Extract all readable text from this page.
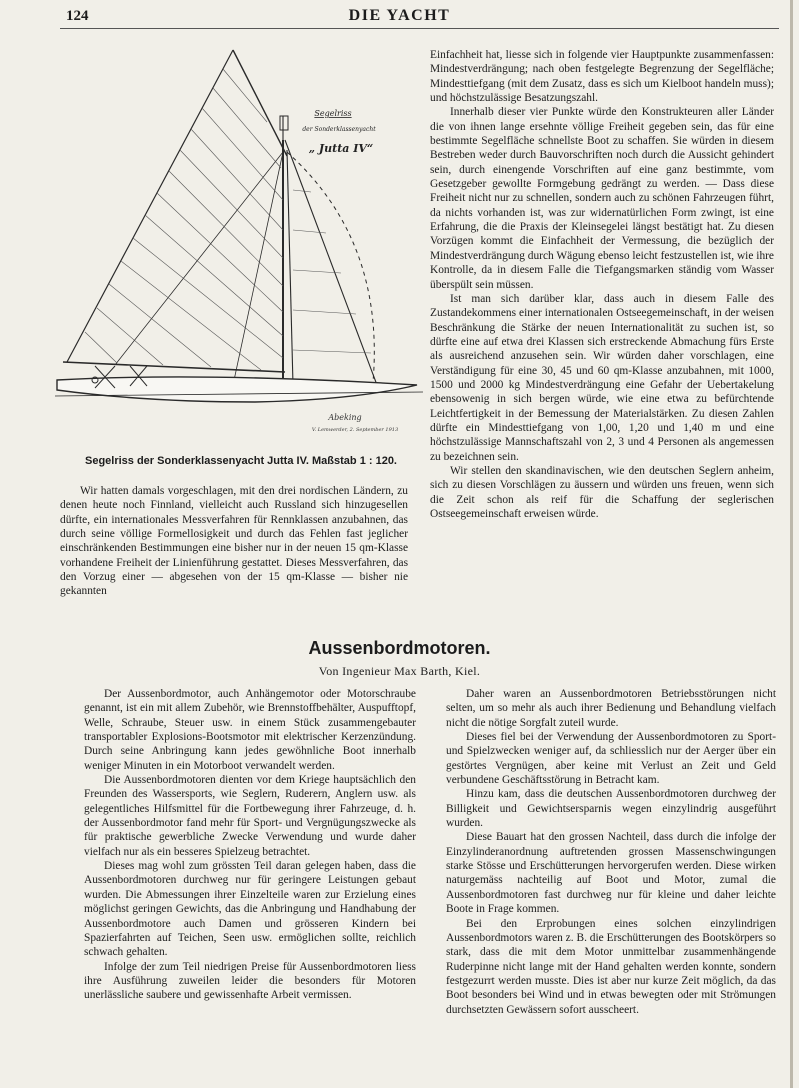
124	DIE YACHT
Segelriss
der Sonderklassenyacht
„ Jutta IV“
Abeking
V. Lemwerder, 2. September 1913
Segelriss der Sonderklassenyacht Jutta IV. Maßstab 1 : 120.

Wir hatten damals vorgeschlagen, mit den drei nordischen Ländern, zu denen heute noch Finnland, vielleicht auch Russland sich hinzugesellen dürfte, ein internationales Messverfahren für Rennklassen anzubahnen, das durch seine völlige Formellosigkeit und durch das Fehlen fast jeglicher einschränkenden Bestimmungen eine bisher nur in der neuen 15 qm-Klasse vorhandene Freiheit der Linienführung gestattet. Dieses Messverfahren, das den Vorzug einer — abgesehen von der 15 qm-Klasse — bisher nie gekannten

Einfachheit hat, liesse sich in folgende vier Hauptpunkte zusammenfassen: Mindestverdrängung; nach oben festgelegte Begrenzung der Segelfläche; Mindesttiefgang (mit dem Zusatz, dass es sich um Kielboot handeln muss); und höchstzulässige Besatzungszahl.

Innerhalb dieser vier Punkte würde den Konstrukteuren aller Länder die von ihnen lange ersehnte völlige Freiheit gegeben sein, das für eine bestimmte Segelfläche schnellste Boot zu schaffen. Sie würden in diesem Bestreben weder durch Bauvorschriften noch durch die Aussicht gehindert sein, durch einengende Vorschriften auf eine ganz bestimmte, vom Gesetzgeber gewollte Formgebung gedrängt zu werden. — Dass diese Freiheit nicht nur zu schnellen, sondern auch zu schönen Fahrzeugen führt, da nichts vorhanden ist, was zur widernatürlichen Form zwingt, ist eine Erfahrung, die die Praxis der Kleinsegelei längst bestätigt hat. Zu diesen Vorzügen kommt die Einfachheit der Vermessung, die bezüglich der Mindestverdrängung durch Wägung ebenso leicht festzustellen ist, wie ihre Kontrolle, da in diesem Falle die Tiefgangsmarken ständig vom Wasser überspült sein müssen.

Ist man sich darüber klar, dass auch in diesem Falle des Zustandekommens einer internationalen Ostseegemeinschaft, in der weisen Beschränkung die Stärke der neuen Internationalität zu suchen ist, so dürfte eine auf etwa drei Klassen sich erstreckende Abmachung fürs Erste als ausreichend anzusehen sein. Wir würden daher vorschlagen, eine Verständigung für eine 30, 45 und 60 qm-Klasse anzubahnen, mit 1000, 1500 und 2000 kg Mindestverdrängung eine Gefahr der Uebertakelung ebensowenig in sich bergen würde, wie eine etwa zu befürchtende Leichtfertigkeit in der Bemessung der Materialstärken. Zu diesen Zahlen dürfte ein Mindesttiefgang von 1,00, 1,20 und 1,40 m und eine höchstzulässige Mannschaftszahl von 2, 3 und 4 Personen als angemessen zu bezeichnen sein.

Wir stellen den skandinavischen, wie den deutschen Seglern anheim, sich zu diesen Vorschlägen zu äussern und würden uns freuen, wenn sich die Zeit schon als reif für die Schaffung der seglerischen Ostseegemeinschaft erweisen würde.

Aussenbordmotoren.
Von Ingenieur Max Barth, Kiel.

Der Aussenbordmotor, auch Anhängemotor oder Motorschraube genannt, ist ein mit allem Zubehör, wie Brennstoffbehälter, Auspufftopf, Welle, Schraube, Steuer usw. in einem Stück zusammengebauter transportabler Explosions-Bootsmotor mit elektrischer Kerzenzündung. Durch seine Anbringung kann jedes gewöhnliche Boot innerhalb weniger Minuten in ein Motorboot verwandelt werden.

Die Aussenbordmotoren dienten vor dem Kriege hauptsächlich den Freunden des Wassersports, wie Seglern, Ruderern, Anglern usw. als gelegentliches Hilfsmittel für die Fortbewegung ihrer Fahrzeuge, d. h. der Aussenbordmotor fand mehr für Sport- und Vergnügungszwecke als für praktische gewerbliche Zwecke Verwendung und wurde daher vielfach nur als ein besseres Spielzeug betrachtet.

Dieses mag wohl zum grössten Teil daran gelegen haben, dass die Aussenbordmotoren durchweg nur für geringere Leistungen gebaut wurden. Die Abmessungen ihrer Einzelteile waren zur Erzielung eines möglichst geringen Gewichts, das die Anbringung und Handhabung der Aussenbordmotore auch Damen und grösseren Kindern bei Spazierfahrten auf Teichen, Seen usw. ermöglichen sollte, reichlich schwach gehalten.

Infolge der zum Teil niedrigen Preise für Aussenbordmotoren liess ihre Ausführung zuweilen leider die besonders für Motoren unerlässliche saubere und gewissenhafte Arbeit vermissen.

Daher waren an Aussenbordmotoren Betriebsstörungen nicht selten, um so mehr als auch ihrer Bedienung und Behandlung vielfach nicht die nötige Sorgfalt zuteil wurde.

Dieses fiel bei der Verwendung der Aussenbordmotoren zu Sport- und Spielzwecken weniger auf, da schliesslich nur der Aerger über ein gestörtes Vergnügen, aber keine mit Verlust an Zeit und Geld verbundene Geschäftsstörung in Betracht kam.

Hinzu kam, dass die deutschen Aussenbordmotoren durchweg der Billigkeit und Gewichtsersparnis wegen einzylindrig ausgeführt wurden.

Diese Bauart hat den grossen Nachteil, dass durch die infolge der Einzylinderanordnung auftretenden grossen Massenschwingungen starke Stösse und Erschütterungen hervorgerufen werden. Diese wirken naturgemäss nachteilig auf Boot und Motor, zumal die Aussenbordmotoren fast durchweg nur für kleine und daher leichte Boote in Frage kommen.

Bei den Erprobungen eines solchen einzylindrigen Aussenbordmotors waren z. B. die Erschütterungen des Bootskörpers so stark, dass die mit dem Motor unmittelbar zusammenhängende Ruderpinne nicht lange mit der Hand gehalten werden konnte, sondern festgezurrt werden musste. Dies ist aber nur kurze Zeit möglich, da das Boot besonders bei Wind und in etwas bewegten oder mit Strömungen durchsetzten Gewässern sofort ausscheert.
